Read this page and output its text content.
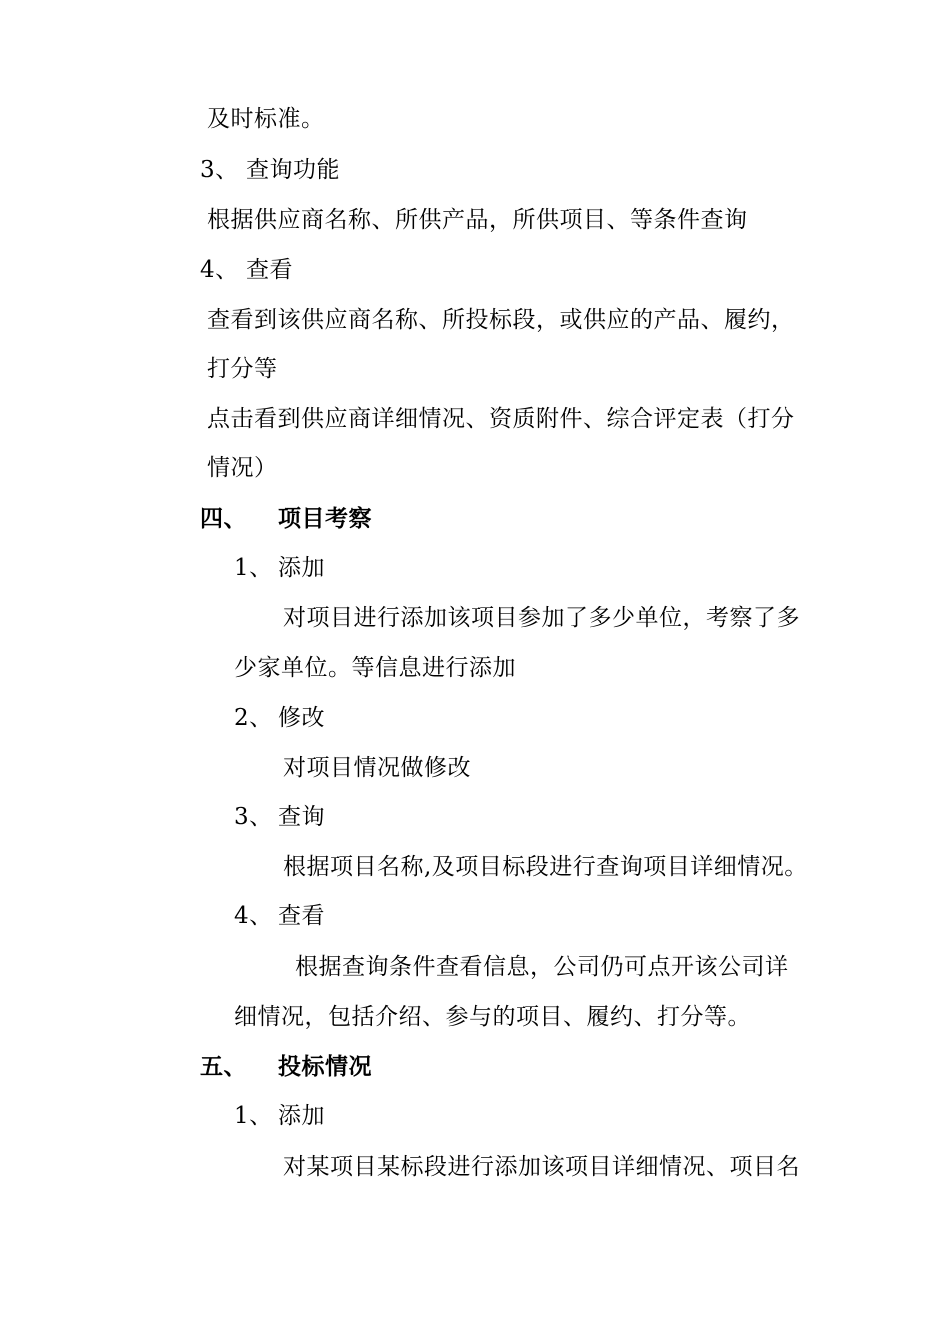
及时标准。
3、 查询功能
根据供应商名称、所供产品，所供项目、等条件查询
4、 查看
查看到该供应商名称、所投标段，或供应的产品、履约，
打分等
点击看到供应商详细情况、资质附件、综合评定表（打分
情况）
四、 项目考察
1、 添加
对项目进行添加该项目参加了多少单位，考察了多
少家单位。等信息进行添加
2、 修改
对项目情况做修改
3、 查询
根据项目名称,及项目标段进行查询项目详细情况。
4、 查看
根据查询条件查看信息，公司仍可点开该公司详
细情况，包括介绍、参与的项目、履约、打分等。
五、 投标情况
1、 添加
对某项目某标段进行添加该项目详细情况、项目名
